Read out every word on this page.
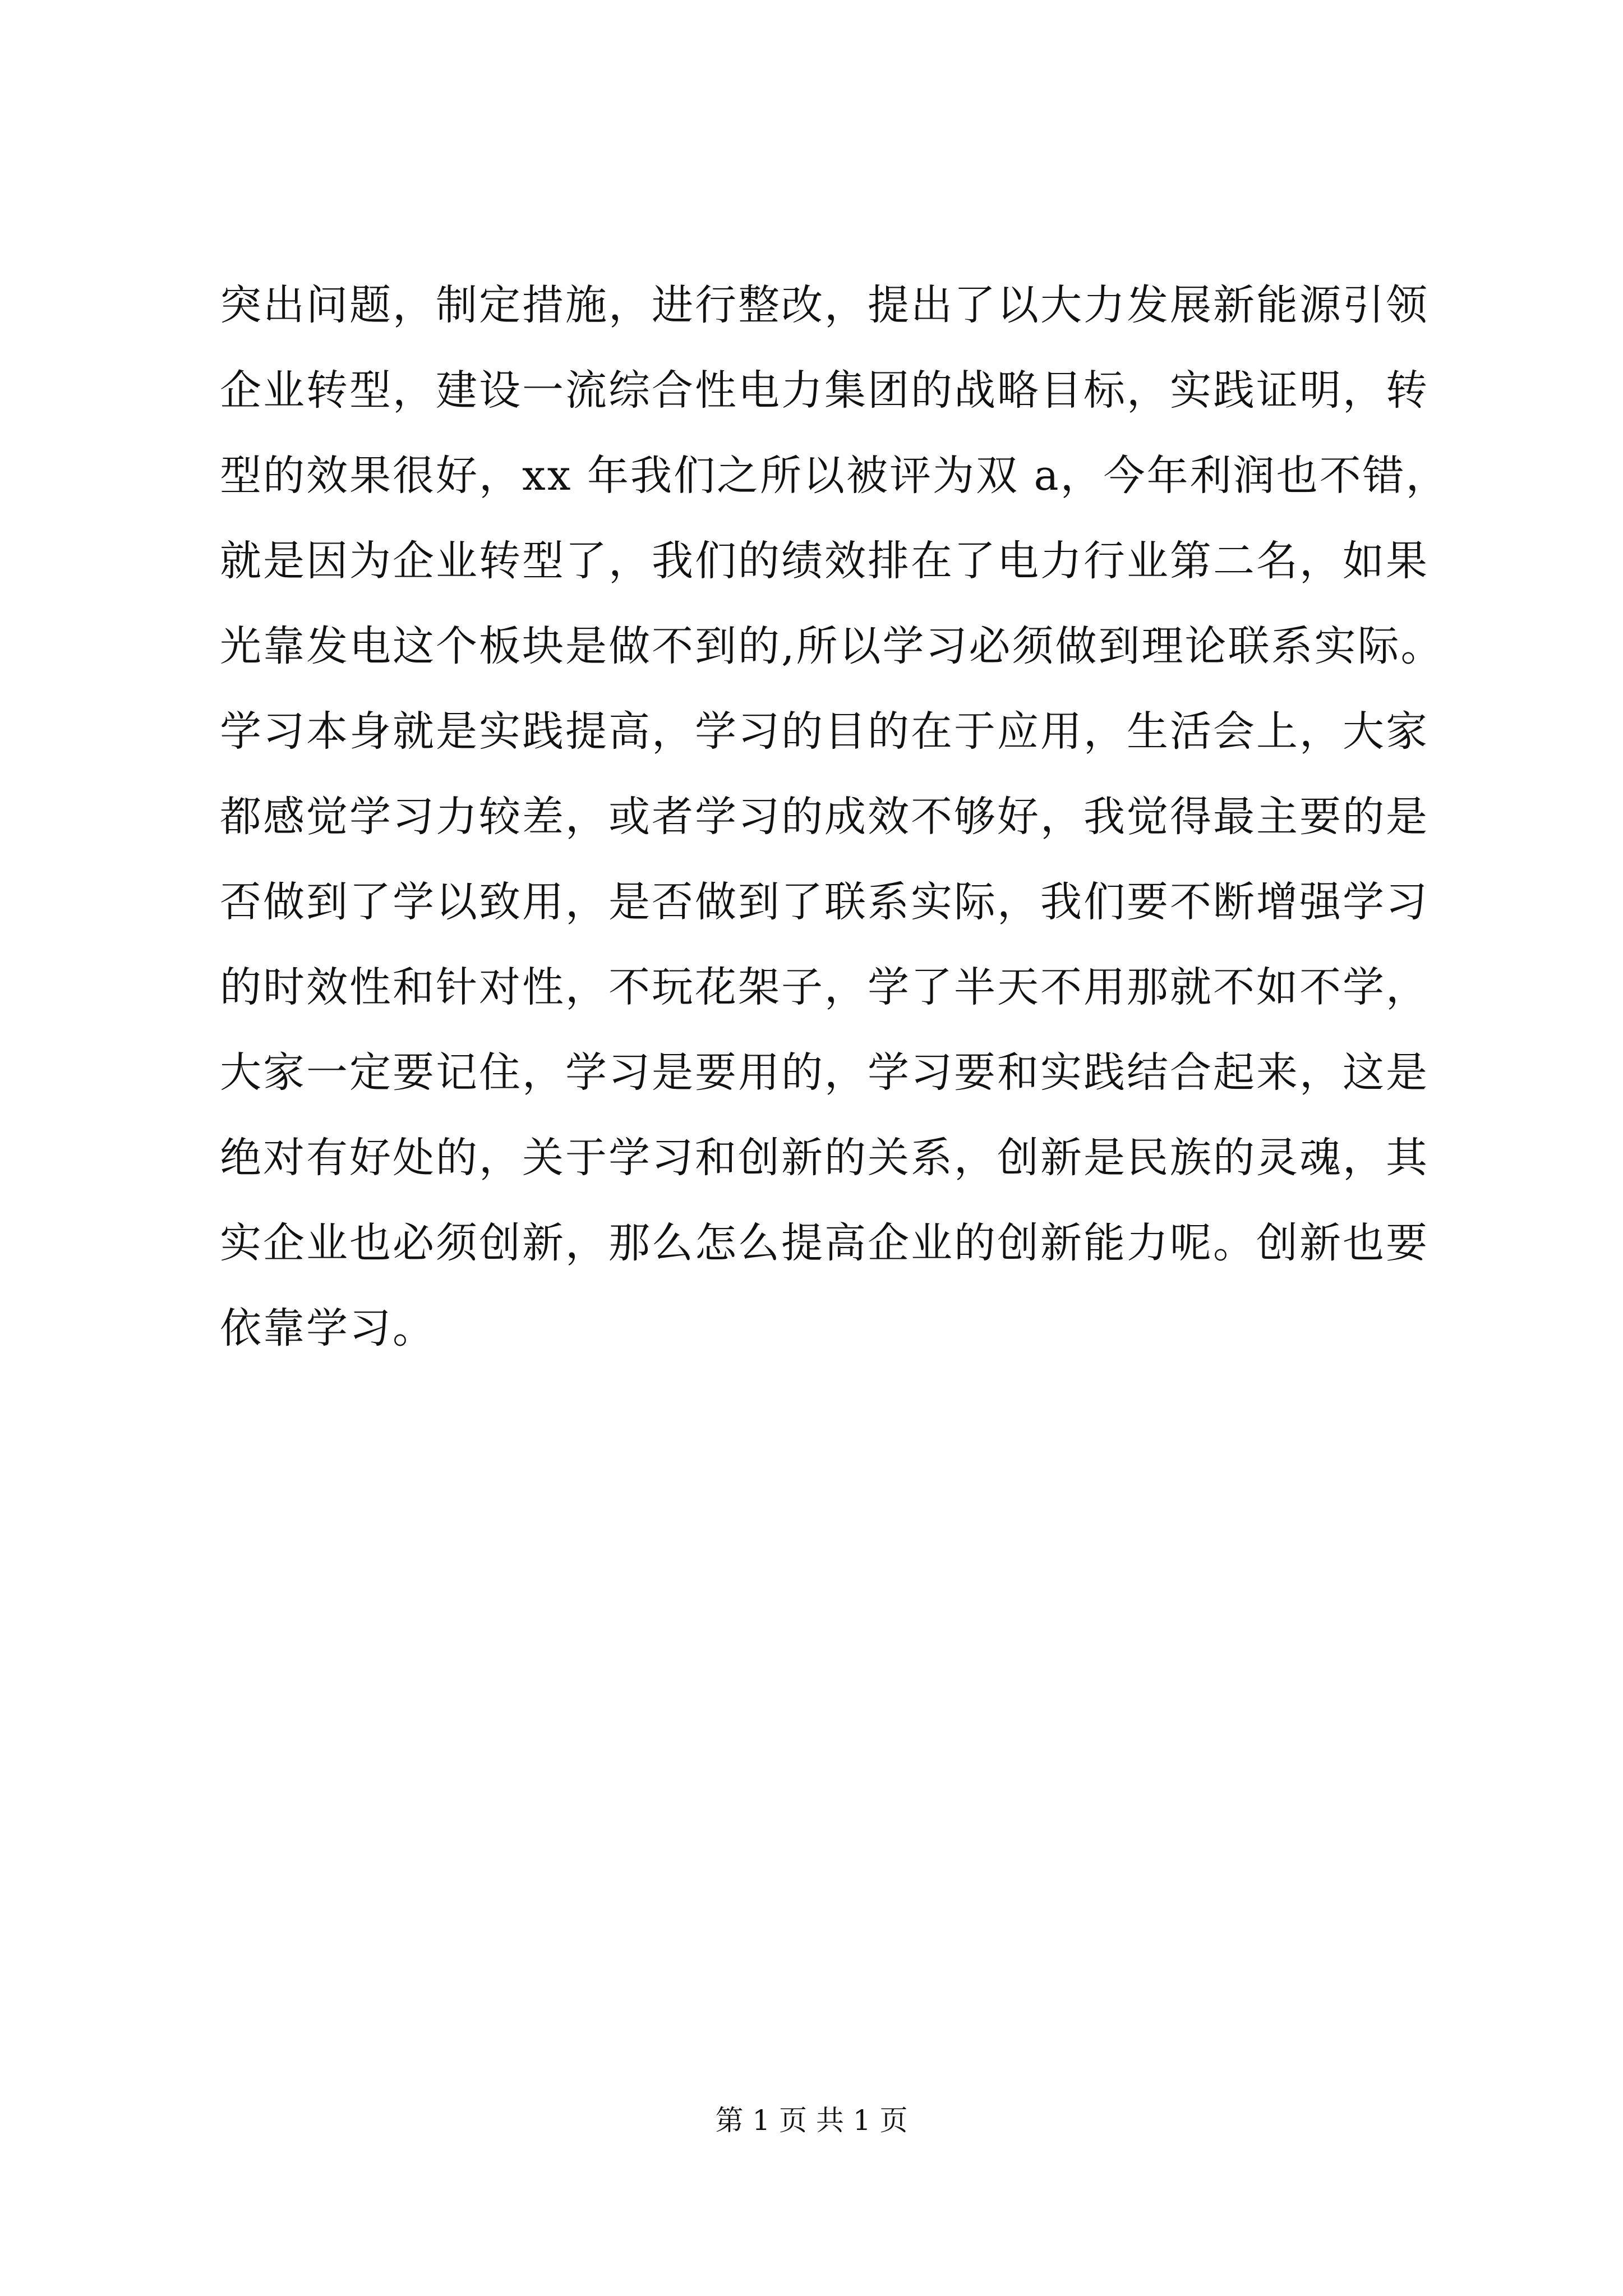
突出问题，制定措施，进行整改，提出了以大力发展新能源引领
企业转型，建设一流综合性电力集团的战略目标，实践证明，转
型的效果很好，xx 年我们之所以被评为双 a，今年利润也不错，
就是因为企业转型了，我们的绩效排在了电力行业第二名，如果
光靠发电这个板块是做不到的,所以学习必须做到理论联系实际。
学习本身就是实践提高，学习的目的在于应用，生活会上，大家
都感觉学习力较差，或者学习的成效不够好，我觉得最主要的是
否做到了学以致用，是否做到了联系实际，我们要不断增强学习
的时效性和针对性，不玩花架子，学了半天不用那就不如不学，
大家一定要记住，学习是要用的，学习要和实践结合起来，这是
绝对有好处的，关于学习和创新的关系，创新是民族的灵魂，其
实企业也必须创新，那么怎么提高企业的创新能力呢。创新也要
依靠学习。
第 1 页 共 1 页
